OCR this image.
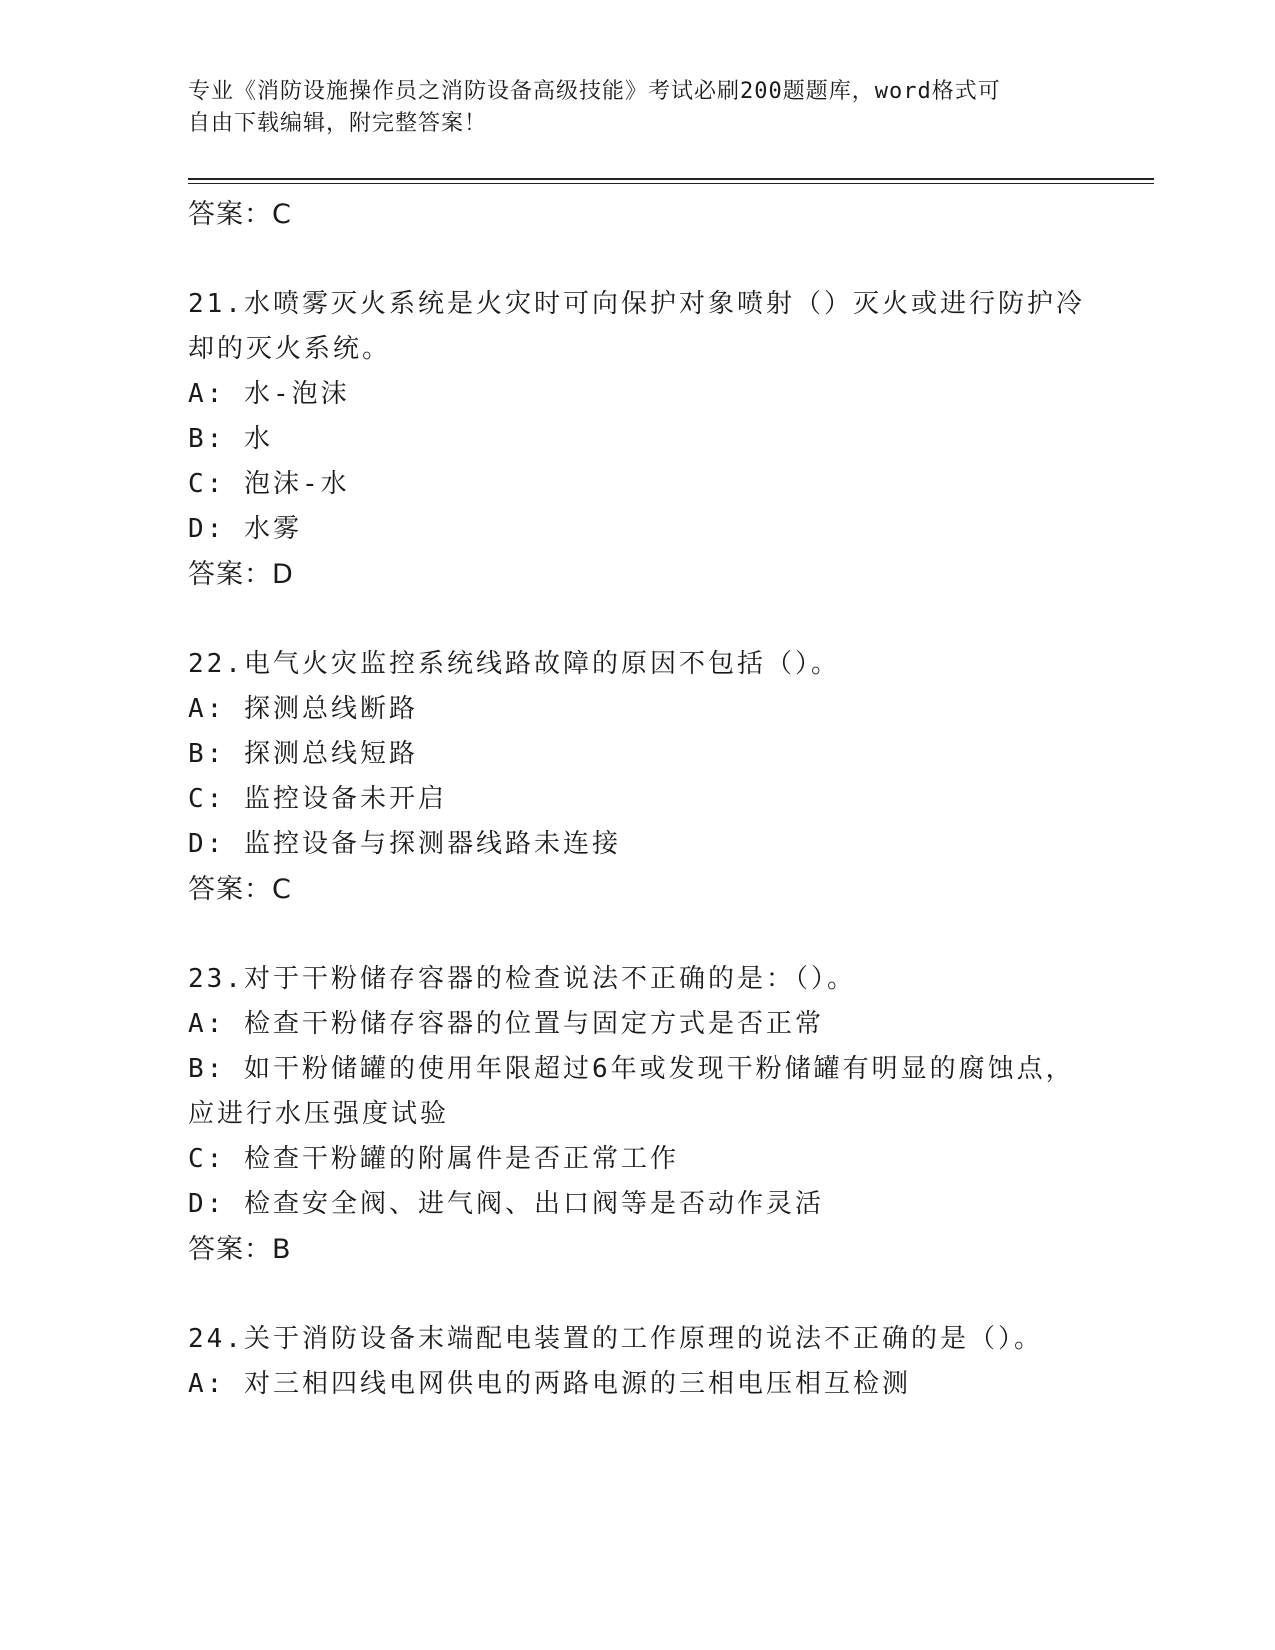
专业《消防设施操作员之消防设备高级技能》考试必刷200题题库，word格式可
自由下载编辑，附完整答案！
答案：C
21.水喷雾灭火系统是火灾时可向保护对象喷射（）灭火或进行防护冷
却的灭火系统。
A: 水-泡沫
B: 水
C: 泡沫-水
D: 水雾
答案：D
22.电气火灾监控系统线路故障的原因不包括（）。
A: 探测总线断路
B: 探测总线短路
C: 监控设备未开启
D: 监控设备与探测器线路未连接
答案：C
23.对于干粉储存容器的检查说法不正确的是：（）。
A: 检查干粉储存容器的位置与固定方式是否正常
B: 如干粉储罐的使用年限超过6年或发现干粉储罐有明显的腐蚀点，
应进行水压强度试验
C: 检查干粉罐的附属件是否正常工作
D: 检查安全阀、进气阀、出口阀等是否动作灵活
答案：B
24.关于消防设备末端配电装置的工作原理的说法不正确的是（）。
A: 对三相四线电网供电的两路电源的三相电压相互检测
